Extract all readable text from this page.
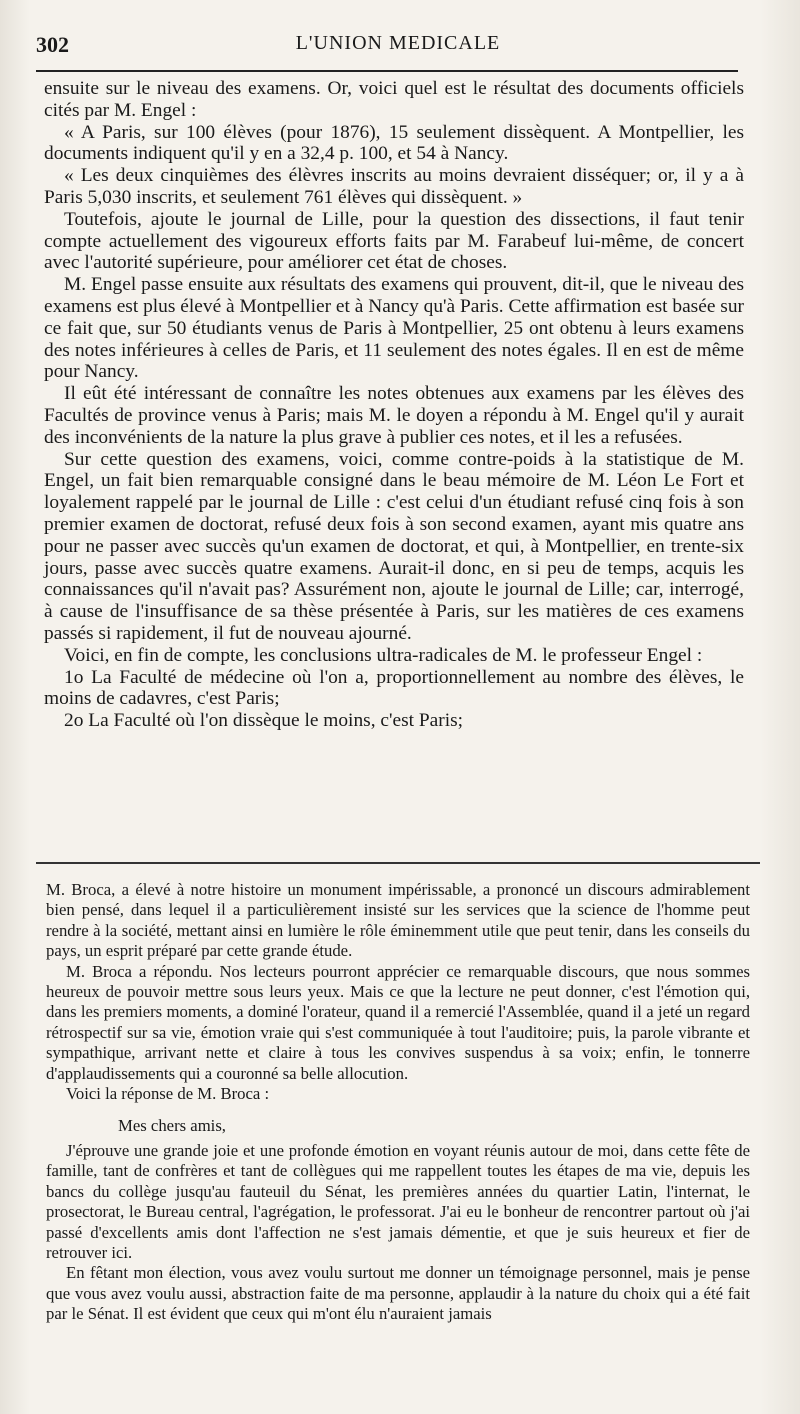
302	L'UNION MEDICALE

ensuite sur le niveau des examens. Or, voici quel est le résultat des documents officiels cités par M. Engel :

« A Paris, sur 100 élèves (pour 1876), 15 seulement dissèquent. A Montpellier, les documents indiquent qu'il y en a 32,4 p. 100, et 54 à Nancy.

« Les deux cinquièmes des élèvres inscrits au moins devraient disséquer; or, il y a à Paris 5,030 inscrits, et seulement 761 élèves qui dissèquent. »

Toutefois, ajoute le journal de Lille, pour la question des dissections, il faut tenir compte actuellement des vigoureux efforts faits par M. Farabeuf lui-même, de concert avec l'autorité supérieure, pour améliorer cet état de choses.

M. Engel passe ensuite aux résultats des examens qui prouvent, dit-il, que le niveau des examens est plus élevé à Montpellier et à Nancy qu'à Paris. Cette affirmation est basée sur ce fait que, sur 50 étudiants venus de Paris à Montpellier, 25 ont obtenu à leurs examens des notes inférieures à celles de Paris, et 11 seulement des notes égales. Il en est de même pour Nancy.

Il eût été intéressant de connaître les notes obtenues aux examens par les élèves des Facultés de province venus à Paris; mais M. le doyen a répondu à M. Engel qu'il y aurait des inconvénients de la nature la plus grave à publier ces notes, et il les a refusées.

Sur cette question des examens, voici, comme contre-poids à la statistique de M. Engel, un fait bien remarquable consigné dans le beau mémoire de M. Léon Le Fort et loyalement rappelé par le journal de Lille : c'est celui d'un étudiant refusé cinq fois à son premier examen de doctorat, refusé deux fois à son second examen, ayant mis quatre ans pour ne passer avec succès qu'un examen de doctorat, et qui, à Montpellier, en trente-six jours, passe avec succès quatre examens. Aurait-il donc, en si peu de temps, acquis les connaissances qu'il n'avait pas? Assurément non, ajoute le journal de Lille; car, interrogé, à cause de l'insuffisance de sa thèse présentée à Paris, sur les matières de ces examens passés si rapidement, il fut de nouveau ajourné.

Voici, en fin de compte, les conclusions ultra-radicales de M. le professeur Engel :

1o La Faculté de médecine où l'on a, proportionnellement au nombre des élèves, le moins de cadavres, c'est Paris;

2o La Faculté où l'on dissèque le moins, c'est Paris;

M. Broca, a élevé à notre histoire un monument impérissable, a prononcé un discours admirablement bien pensé, dans lequel il a particulièrement insisté sur les services que la science de l'homme peut rendre à la société, mettant ainsi en lumière le rôle éminemment utile que peut tenir, dans les conseils du pays, un esprit préparé par cette grande étude.

M. Broca a répondu. Nos lecteurs pourront apprécier ce remarquable discours, que nous sommes heureux de pouvoir mettre sous leurs yeux. Mais ce que la lecture ne peut donner, c'est l'émotion qui, dans les premiers moments, a dominé l'orateur, quand il a remercié l'Assemblée, quand il a jeté un regard rétrospectif sur sa vie, émotion vraie qui s'est communiquée à tout l'auditoire; puis, la parole vibrante et sympathique, arrivant nette et claire à tous les convives suspendus à sa voix; enfin, le tonnerre d'applaudissements qui a couronné sa belle allocution.

Voici la réponse de M. Broca :

Mes chers amis,

J'éprouve une grande joie et une profonde émotion en voyant réunis autour de moi, dans cette fête de famille, tant de confrères et tant de collègues qui me rappellent toutes les étapes de ma vie, depuis les bancs du collège jusqu'au fauteuil du Sénat, les premières années du quartier Latin, l'internat, le prosectorat, le Bureau central, l'agrégation, le professorat. J'ai eu le bonheur de rencontrer partout où j'ai passé d'excellents amis dont l'affection ne s'est jamais démentie, et que je suis heureux et fier de retrouver ici.

En fêtant mon élection, vous avez voulu surtout me donner un témoignage personnel, mais je pense que vous avez voulu aussi, abstraction faite de ma personne, applaudir à la nature du choix qui a été fait par le Sénat. Il est évident que ceux qui m'ont élu n'auraient jamais
